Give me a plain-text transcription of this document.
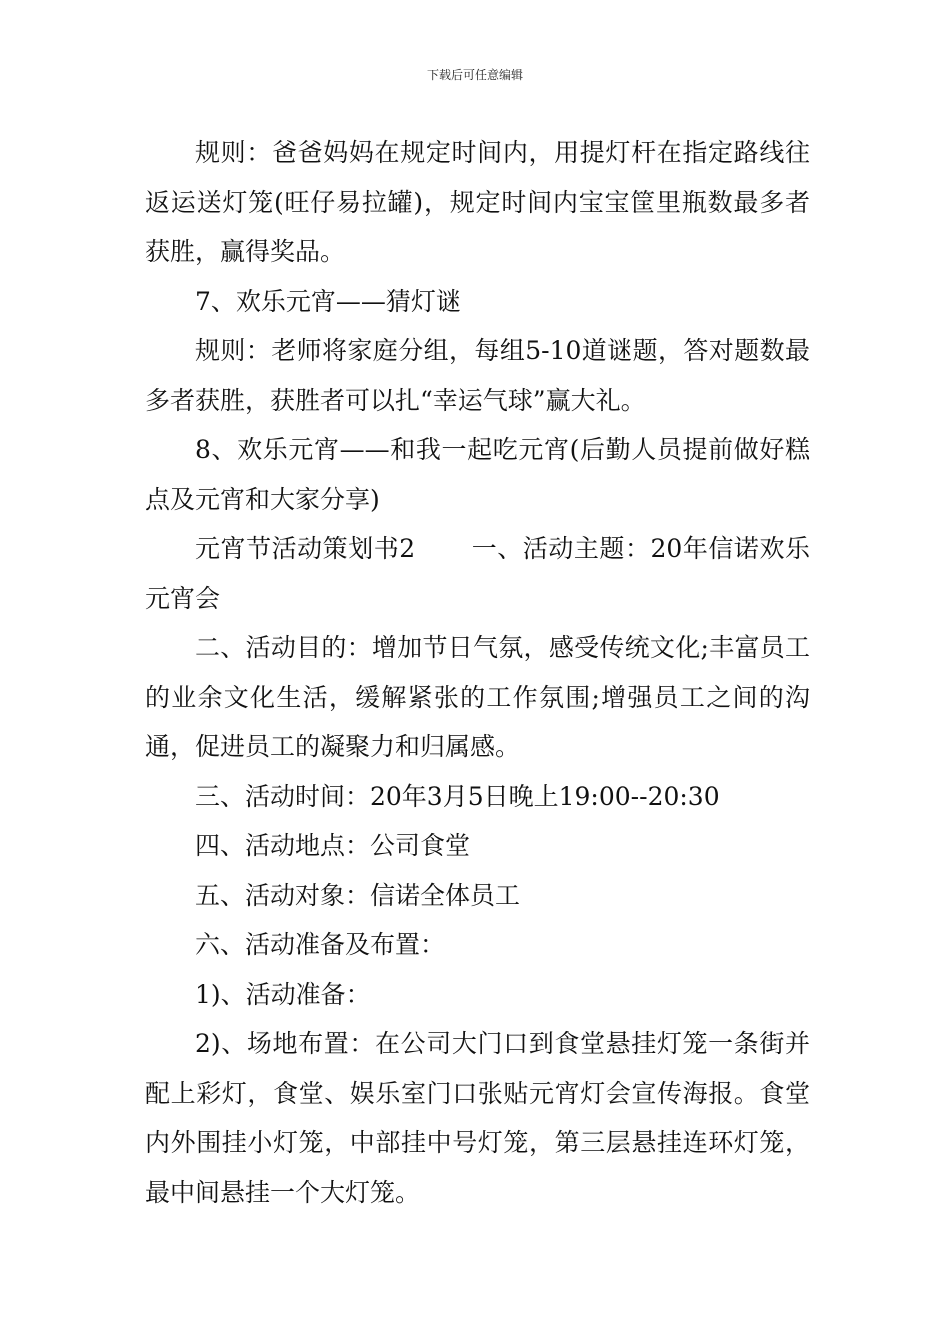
下载后可任意编辑

规则：爸爸妈妈在规定时间内，用提灯杆在指定路线往返运送灯笼(旺仔易拉罐)，规定时间内宝宝筐里瓶数最多者获胜，赢得奖品。

7、欢乐元宵——猜灯谜

规则：老师将家庭分组，每组5-10道谜题，答对题数最多者获胜，获胜者可以扎“幸运气球”赢大礼。

8、欢乐元宵——和我一起吃元宵(后勤人员提前做好糕点及元宵和大家分享)

元宵节活动策划书2 一、活动主题：20年信诺欢乐元宵会

二、活动目的：增加节日气氛，感受传统文化;丰富员工的业余文化生活，缓解紧张的工作氛围;增强员工之间的沟通，促进员工的凝聚力和归属感。

三、活动时间：20年3月5日晚上19:00--20:30

四、活动地点：公司食堂

五、活动对象：信诺全体员工

六、活动准备及布置：

1)、活动准备：

2)、场地布置：在公司大门口到食堂悬挂灯笼一条街并配上彩灯，食堂、娱乐室门口张贴元宵灯会宣传海报。食堂内外围挂小灯笼，中部挂中号灯笼，第三层悬挂连环灯笼，最中间悬挂一个大灯笼。
